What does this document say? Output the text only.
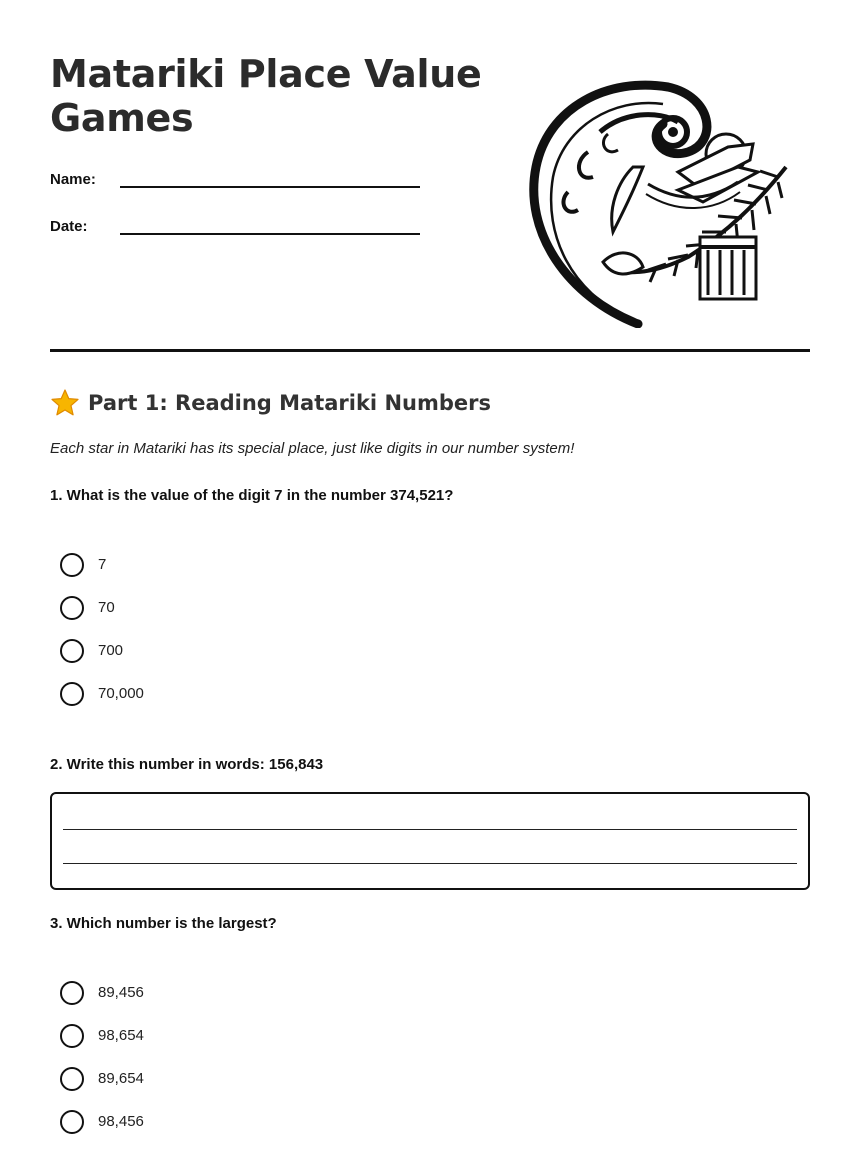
Matariki Place Value Games
Name:
Date:
Part 1: Reading Matariki Numbers
Each star in Matariki has its special place, just like digits in our number system!
1. What is the value of the digit 7 in the number 374,521?
7
70
700
70,000
2. Write this number in words: 156,843
3. Which number is the largest?
89,456
98,654
89,654
98,456
